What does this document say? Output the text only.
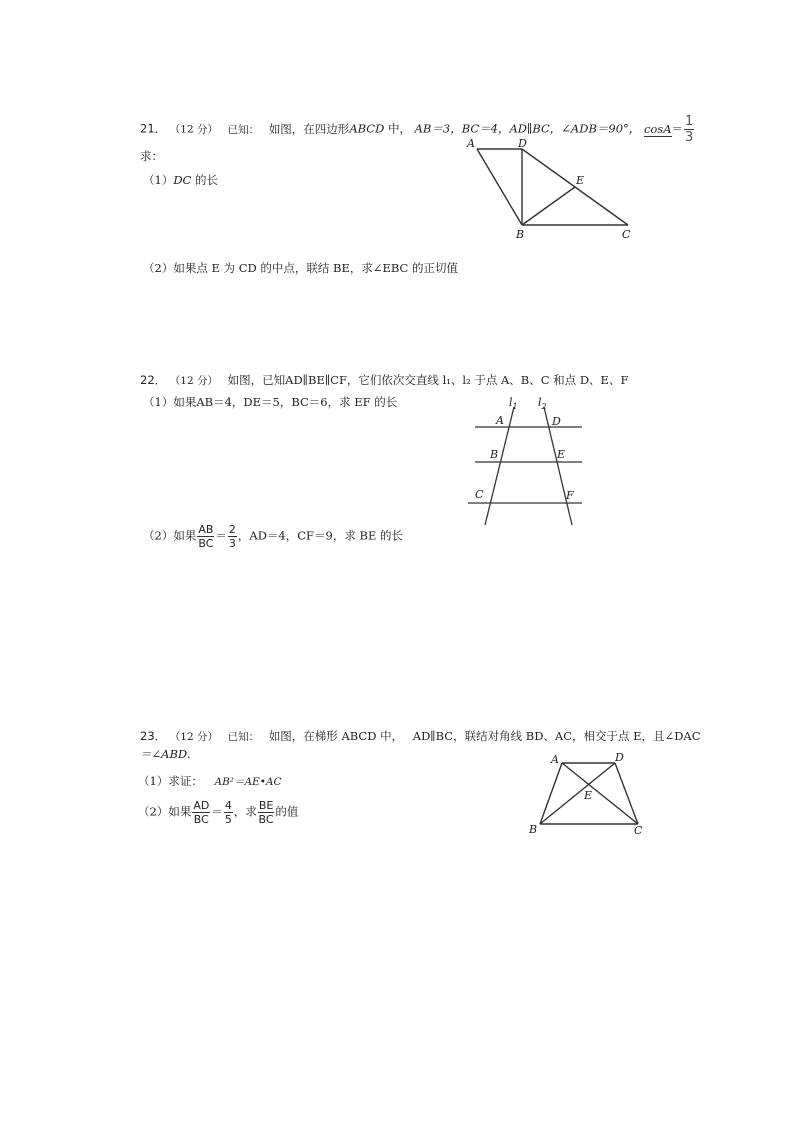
21． （12 分） 已知： 如图，在四边形ABCD 中， AB＝3，BC＝4，AD∥BC，∠ADB＝90°， $\cos A= \frac{1}{3}$
求：
（1）DC 的长
（2）如果点 E 为 CD 的中点，联结 BE，求∠EBC 的正切值
A	D
E
B	C
22． （12 分） 如图，已知AD∥BE∥CF，它们依次交直线 l₁、l₂ 于点 A、B、C 和点 D、E、F
（1）如果AB＝4，DE＝5，BC＝6，求 EF 的长
（2）如果 $\frac{AB}{BC} = \frac{2}{3}$ ，AD＝4，CF＝9，求 BE 的长
$l_1$ $l_2$
A	D
B	E
C	F
23． （12 分） 已知： 如图，在梯形 ABCD 中， AD∥BC，联结对角线 BD、AC，相交于点 E，且∠DAC
＝∠ABD.
（1）求证： AB²＝AE•AC
（2）如果 $\frac{AD}{BC} = \frac{4}{5}$ ，求 $\frac{BE}{BC}$ 的值
A	D
E
B	C
